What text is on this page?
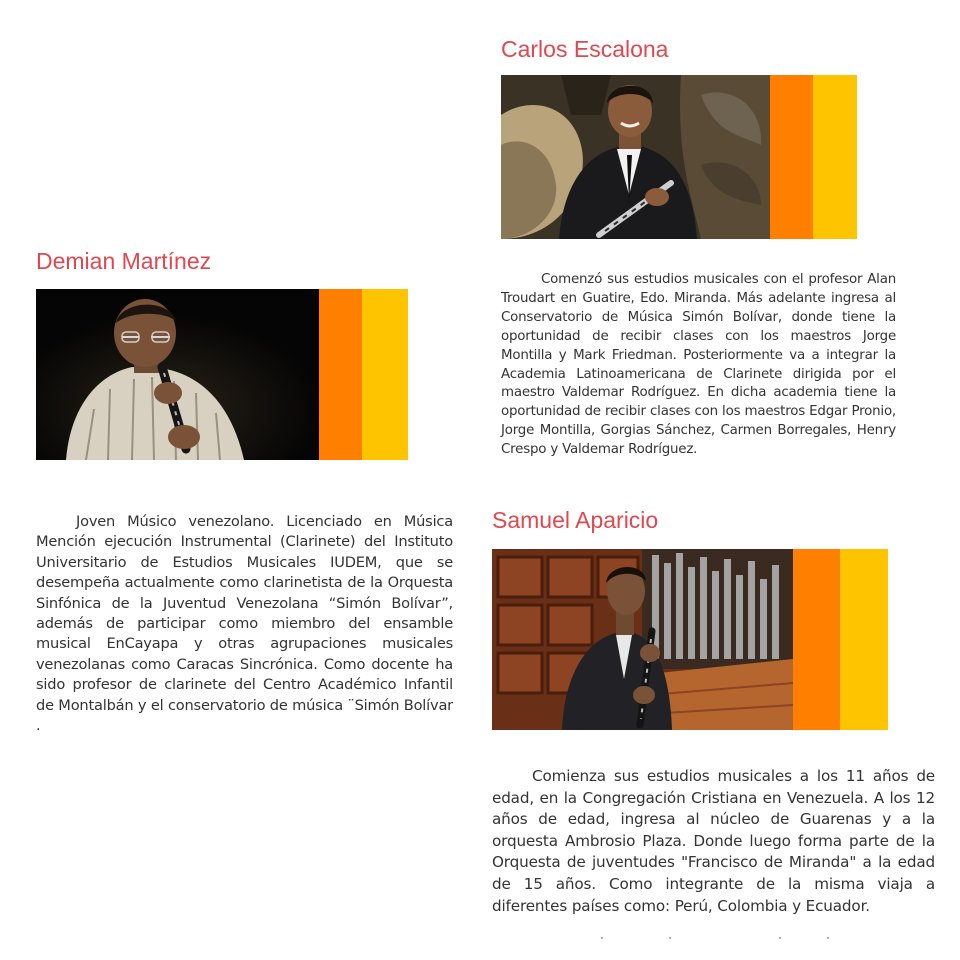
Demian Martínez

Joven Músico venezolano. Licenciado en Música Mención ejecución Instrumental (Clarinete) del Instituto Universitario de Estudios Musicales IUDEM, que se desempeña actualmente como clarinetista de la Orquesta Sinfónica de la Juventud Venezolana “Simón Bolívar”, además de participar como miembro del ensamble musical EnCayapa y otras agrupaciones musicales venezolanas como Caracas Sincrónica. Como docente ha sido profesor de clarinete del Centro Académico Infantil de Montalbán y el conservatorio de música ¨Simón Bolívar .

Carlos Escalona

Comenzó sus estudios musicales con el profesor Alan Troudart en Guatire, Edo. Miranda. Más adelante ingresa al Conservatorio de Música Simón Bolívar, donde tiene la oportunidad de recibir clases con los maestros Jorge Montilla y Mark Friedman. Posteriormente va a integrar la Academia Latinoamericana de Clarinete dirigida por el maestro Valdemar Rodríguez. En dicha academia tiene la oportunidad de recibir clases con los maestros Edgar Pronio, Jorge Montilla, Gorgias Sánchez, Carmen Borregales, Henry Crespo y Valdemar Rodríguez.

Samuel Aparicio

Comienza sus estudios musicales a los 11 años de edad, en la Congregación Cristiana en Venezuela. A los 12 años de edad, ingresa al núcleo de Guarenas y a la orquesta Ambrosio Plaza. Donde luego forma parte de la Orquesta de juventudes "Francisco de Miranda" a la edad de 15 años. Como integrante de la misma viaja a diferentes países como: Perú, Colombia y Ecuador.
